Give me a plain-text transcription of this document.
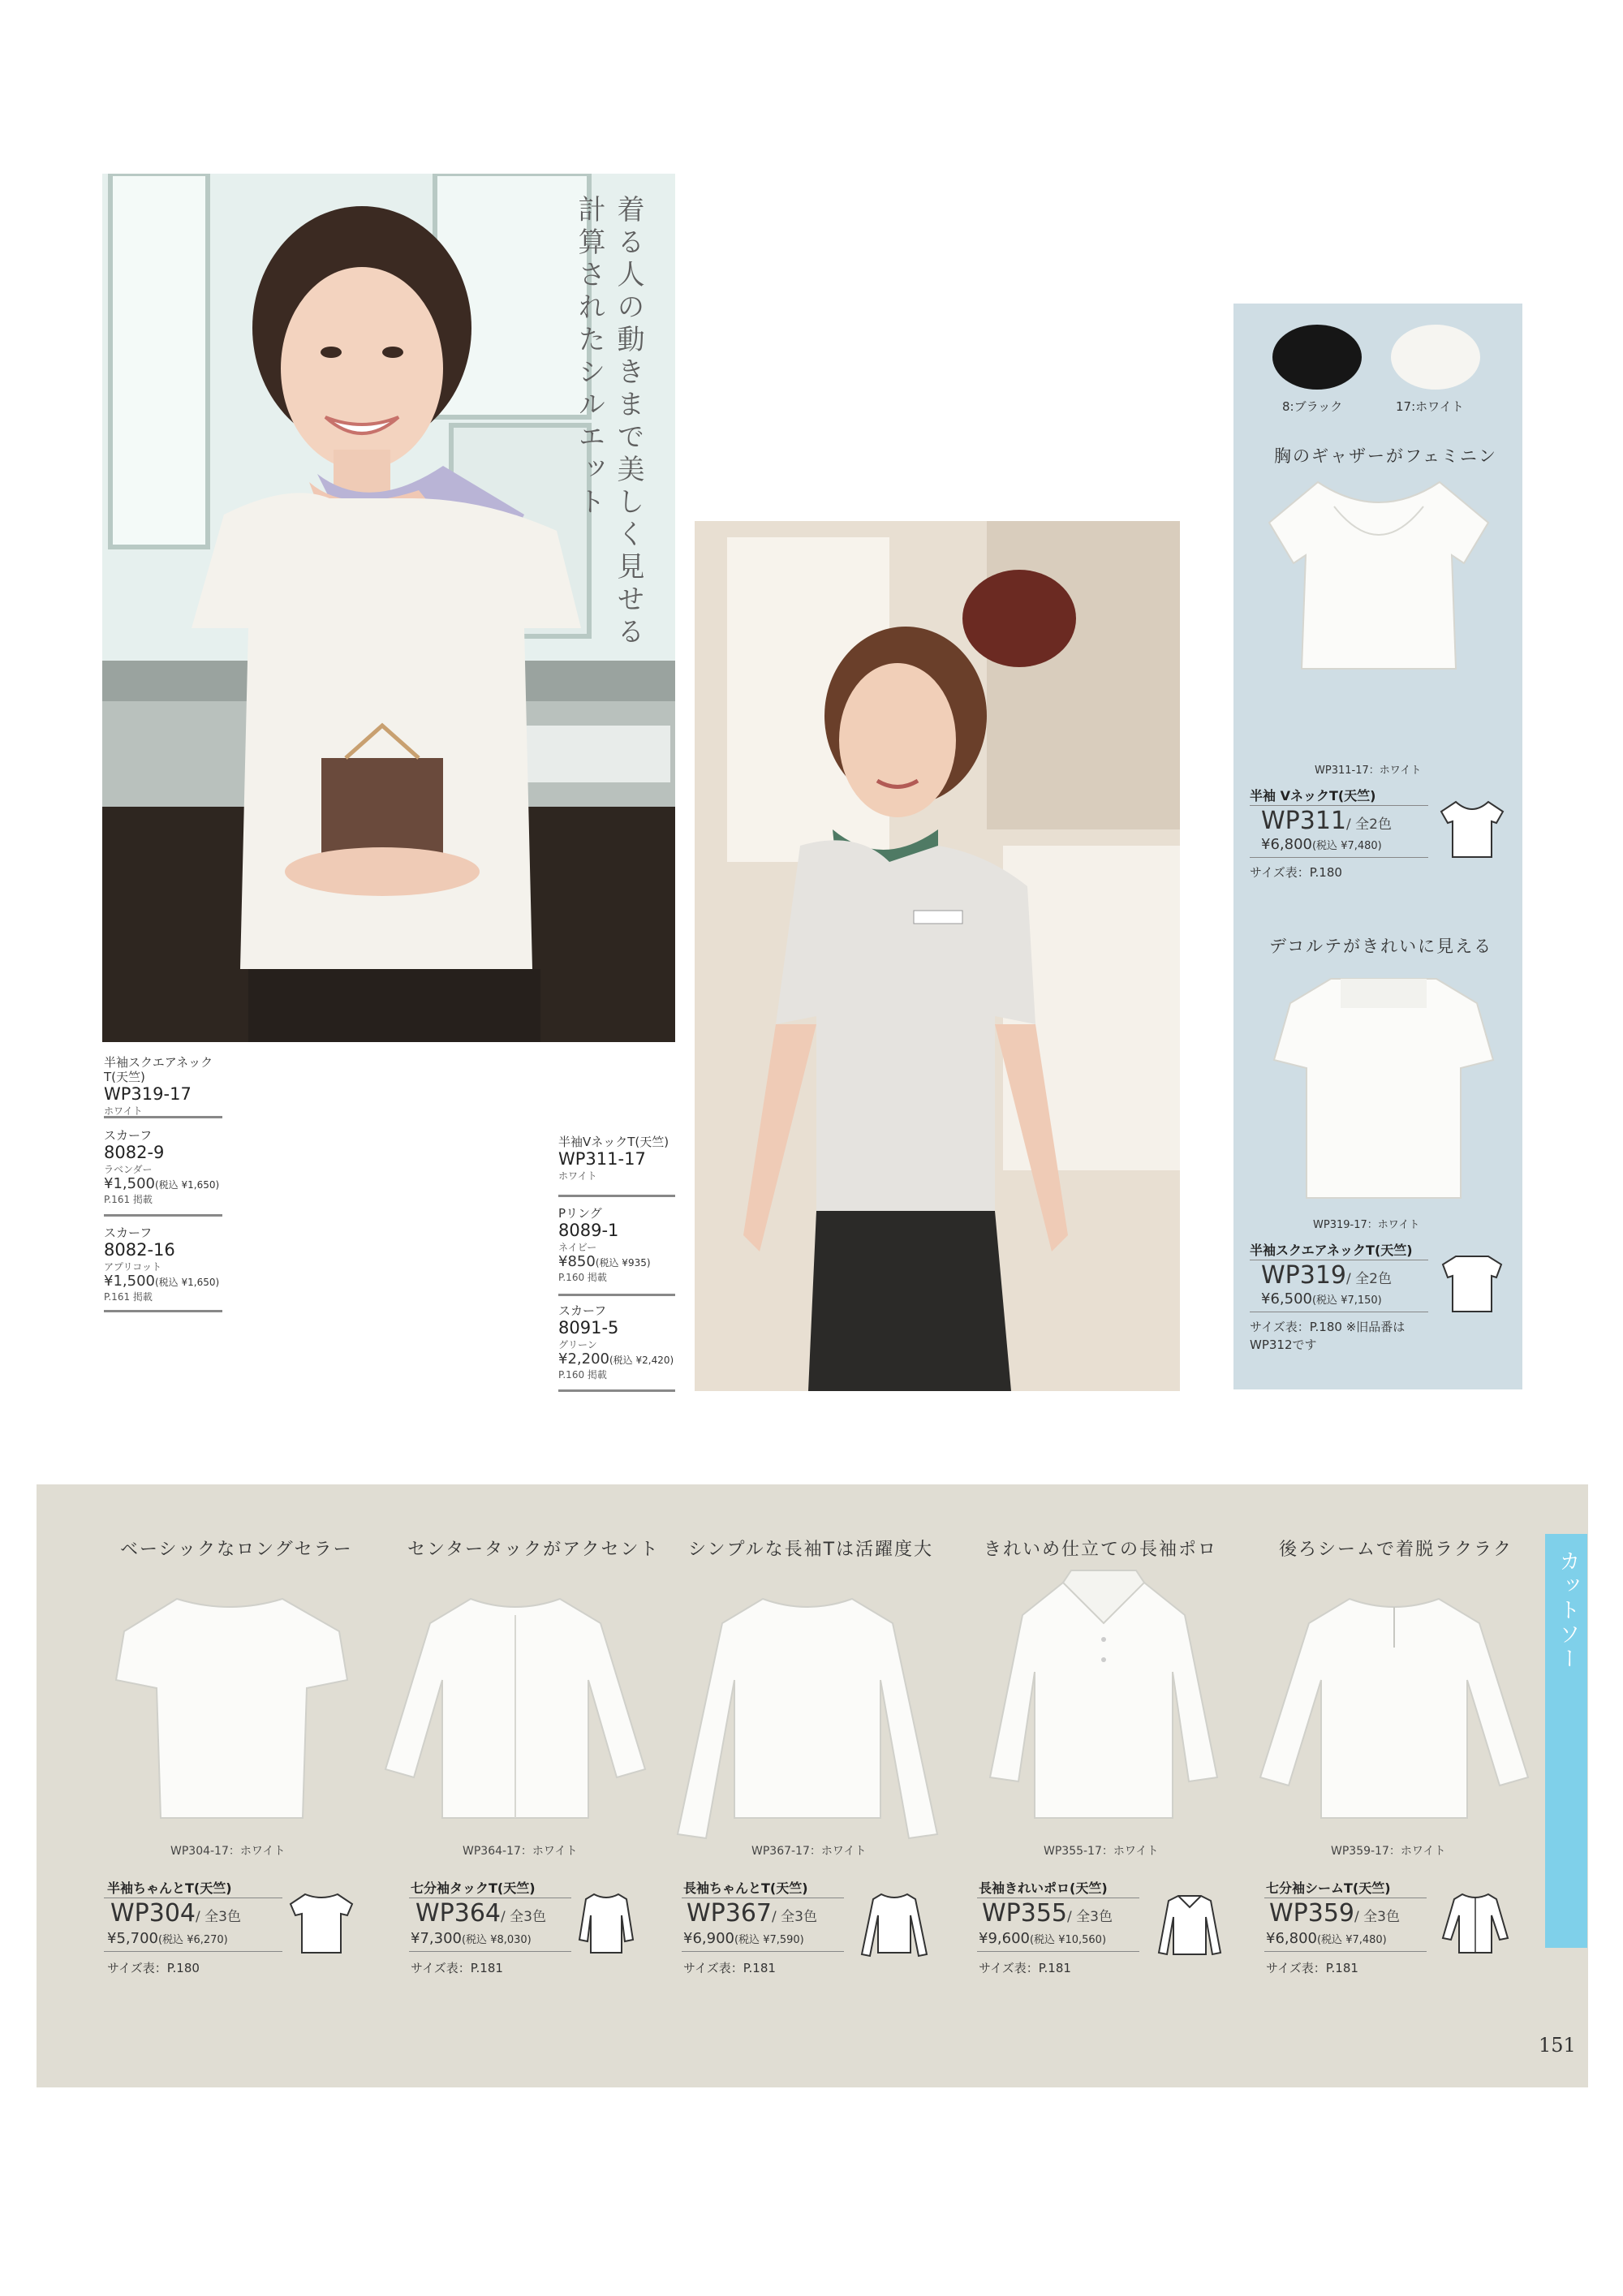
着る人の動きまで美しく見せる
計算されたシルエット
半袖スクエアネックT(天竺)
WP319-17
ホワイト
スカーフ
8082-9
ラベンダー
¥1,500(税込 ¥1,650)
P.161 掲載
スカーフ
8082-16
アプリコット
¥1,500(税込 ¥1,650)
P.161 掲載
半袖VネックT(天竺)
WP311-17
ホワイト
Pリング
8089-1
ネイビー
¥850(税込 ¥935)
P.160 掲載
スカーフ
8091-5
グリーン
¥2,200(税込 ¥2,420)
P.160 掲載
8:ブラック	17:ホワイト
胸のギャザーがフェミニン
WP311-17：ホワイト
半袖 VネックT(天竺)
WP311/ 全2色
¥6,800(税込 ¥7,480)
サイズ表：P.180
デコルテがきれいに見える
WP319-17：ホワイト
半袖スクエアネックT(天竺)
WP319/ 全2色
¥6,500(税込 ¥7,150)
サイズ表：P.180 ※旧品番は
WP312です
カットソー
ベーシックなロングセラー
WP304-17：ホワイト
半袖ちゃんとT(天竺)
WP304/ 全3色
¥5,700(税込 ¥6,270)
サイズ表：P.180
センタータックがアクセント
WP364-17：ホワイト
七分袖タックT(天竺)
WP364/ 全3色
¥7,300(税込 ¥8,030)
サイズ表：P.181
シンプルな長袖Tは活躍度大
WP367-17：ホワイト
長袖ちゃんとT(天竺)
WP367/ 全3色
¥6,900(税込 ¥7,590)
サイズ表：P.181
きれいめ仕立ての長袖ポロ
WP355-17：ホワイト
長袖きれいポロ(天竺)
WP355/ 全3色
¥9,600(税込 ¥10,560)
サイズ表：P.181
後ろシームで着脱ラクラク
WP359-17：ホワイト
七分袖シームT(天竺)
WP359/ 全3色
¥6,800(税込 ¥7,480)
サイズ表：P.181
151
